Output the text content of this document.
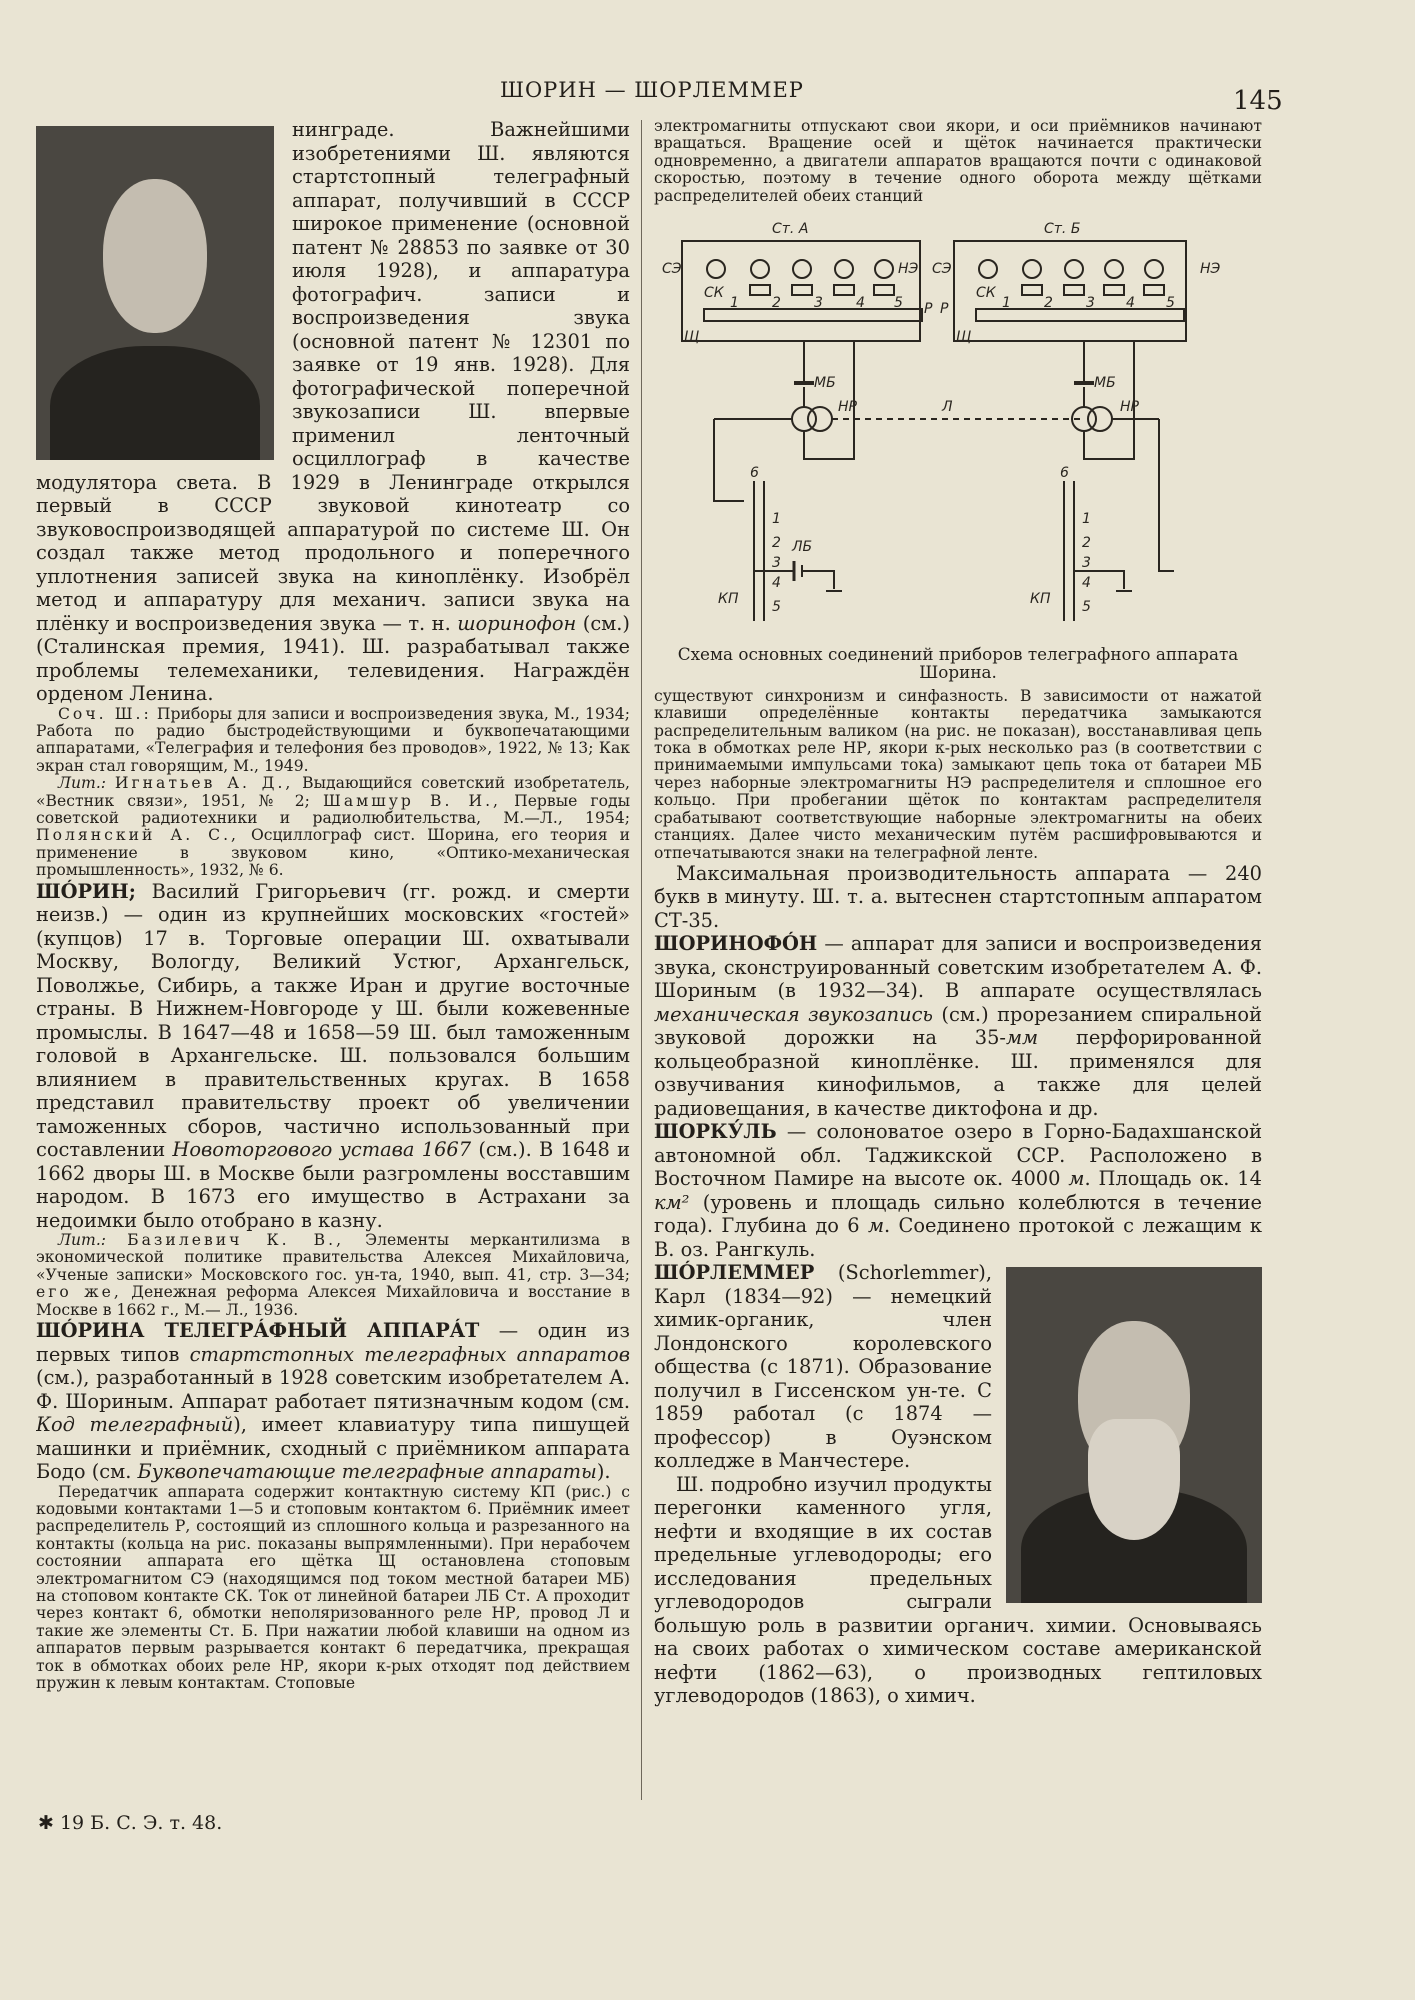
ШОРИН — ШОРЛЕММЕР	145

нинграде. Важнейшими изобретениями Ш. являются стартстопный телеграфный аппарат, получивший в СССР широкое применение (основной патент № 28853 по заявке от 30 июля 1928), и аппаратура фотографич. записи и воспроизведения звука (основной патент № 12301 по заявке от 19 янв. 1928). Для фотографической поперечной звукозаписи Ш. впервые применил ленточный осциллограф в качестве модулятора света. В 1929 в Ленинграде открылся первый в СССР звуковой кинотеатр со звуковоспроизводящей аппаратурой по системе Ш. Он создал также метод продольного и поперечного уплотнения записей звука на киноплёнку. Изобрёл метод и аппаратуру для механич. записи звука на плёнку и воспроизведения звука — т. н. шоринофон (см.) (Сталинская премия, 1941). Ш. разрабатывал также проблемы телемеханики, телевидения. Награждён орденом Ленина.

Соч. Ш.: Приборы для записи и воспроизведения звука, М., 1934; Работа по радио быстродействующими и буквопечатающими аппаратами, «Телеграфия и телефония без проводов», 1922, № 13; Как экран стал говорящим, М., 1949.

Лит.: Игнатьев А. Д., Выдающийся советский изобретатель, «Вестник связи», 1951, № 2; Шамшур В. И., Первые годы советской радиотехники и радиолюбительства, М.—Л., 1954; Полянский А. С., Осциллограф сист. Шорина, его теория и применение в звуковом кино, «Оптико-механическая промышленность», 1932, № 6.

ШÓРИН; Василий Григорьевич (гг. рожд. и смерти неизв.) — один из крупнейших московских «гостей» (купцов) 17 в. Торговые операции Ш. охватывали Москву, Вологду, Великий Устюг, Архангельск, Поволжье, Сибирь, а также Иран и другие восточные страны. В Нижнем-Новгороде у Ш. были кожевенные промыслы. В 1647—48 и 1658—59 Ш. был таможенным головой в Архангельске. Ш. пользовался большим влиянием в правительственных кругах. В 1658 представил правительству проект об увеличении таможенных сборов, частично использованный при составлении Новоторгового устава 1667 (см.). В 1648 и 1662 дворы Ш. в Москве были разгромлены восставшим народом. В 1673 его имущество в Астрахани за недоимки было отобрано в казну.

Лит.: Базилевич К. В., Элементы меркантилизма в экономической политике правительства Алексея Михайловича, «Ученые записки» Московского гос. ун-та, 1940, вып. 41, стр. 3—34; его же, Денежная реформа Алексея Михайловича и восстание в Москве в 1662 г., М.— Л., 1936.

ШÓРИНА ТЕЛЕГРÁФНЫЙ АППАРÁТ — один из первых типов стартстопных телеграфных аппаратов (см.), разработанный в 1928 советским изобретателем А. Ф. Шориным. Аппарат работает пятизначным кодом (см. Код телеграфный), имеет клавиатуру типа пишущей машинки и приёмник, сходный с приёмником аппарата Бодо (см. Буквопечатающие телеграфные аппараты).

Передатчик аппарата содержит контактную систему КП (рис.) с кодовыми контактами 1—5 и стоповым контактом 6. Приёмник имеет распределитель Р, состоящий из сплошного кольца и разрезанного на контакты (кольца на рис. показаны выпрямленными). При нерабочем состоянии аппарата его щётка Щ остановлена стоповым электромагнитом СЭ (находящимся под током местной батареи МБ) на стоповом контакте СК. Ток от линейной батареи ЛБ Ст. А проходит через контакт 6, обмотки неполяризованного реле НР, провод Л и такие же элементы Ст. Б. При нажатии любой клавиши на одном из аппаратов первым разрывается контакт 6 передатчика, прекращая ток в обмотках обоих реле НР, якори к-рых отходят под действием пружин к левым контактам. Стоповые

электромагниты отпускают свои якори, и оси приёмников начинают вращаться. Вращение осей и щёток начинается практически одновременно, а двигатели аппаратов вращаются почти с одинаковой скоростью, поэтому в течение одного оборота между щётками распределителей обеих станций

Ст. А	Ст. Б
СЭ	НЭ СЭ	НЭ
СК	СК
Р Р
Щ	Щ
МБ	МБ
НР	НР
Л
ЛБ
КП	КП
1 2 3 4 5	1 2 3 4 5
6
1
2
3
4
5
6
1
2
3
4
5

Схема основных соединений приборов телеграфного аппарата Шорина.

существуют синхронизм и синфазность. В зависимости от нажатой клавиши определённые контакты передатчика замыкаются распределительным валиком (на рис. не показан), восстанавливая цепь тока в обмотках реле НР, якори к-рых несколько раз (в соответствии с принимаемыми импульсами тока) замыкают цепь тока от батареи МБ через наборные электромагниты НЭ распределителя и сплошное его кольцо. При пробегании щёток по контактам распределителя срабатывают соответствующие наборные электромагниты на обеих станциях. Далее чисто механическим путём расшифровываются и отпечатываются знаки на телеграфной ленте.

Максимальная производительность аппарата — 240 букв в минуту. Ш. т. а. вытеснен стартстопным аппаратом СТ-35.

ШОРИНОФÓН — аппарат для записи и воспроизведения звука, сконструированный советским изобретателем А. Ф. Шориным (в 1932—34). В аппарате осуществлялась механическая звукозапись (см.) прорезанием спиральной звуковой дорожки на 35-мм перфорированной кольцеобразной киноплёнке. Ш. применялся для озвучивания кинофильмов, а также для целей радиовещания, в качестве диктофона и др.

ШОРКУ́ЛЬ — солоноватое озеро в Горно-Бадахшанской автономной обл. Таджикской ССР. Расположено в Восточном Памире на высоте ок. 4000 м. Площадь ок. 14 км² (уровень и площадь сильно колеблются в течение года). Глубина до 6 м. Соединено протокой с лежащим к В. оз. Рангкуль.

ШÓРЛЕММЕР (Schorlemmer), Карл (1834—92) — немецкий химик-органик, член Лондонского королевского общества (с 1871). Образование получил в Гиссенском ун-те. С 1859 работал (с 1874 — профессор) в Оуэнском колледже в Манчестере.

Ш. подробно изучил продукты перегонки каменного угля, нефти и входящие в их состав предельные углеводороды; его исследования предельных углеводородов сыграли большую роль в развитии органич. химии. Основываясь на своих работах о химическом составе американской нефти (1862—63), о производных гептиловых углеводородов (1863), о химич.

✱ 19 Б. С. Э. т. 48.
